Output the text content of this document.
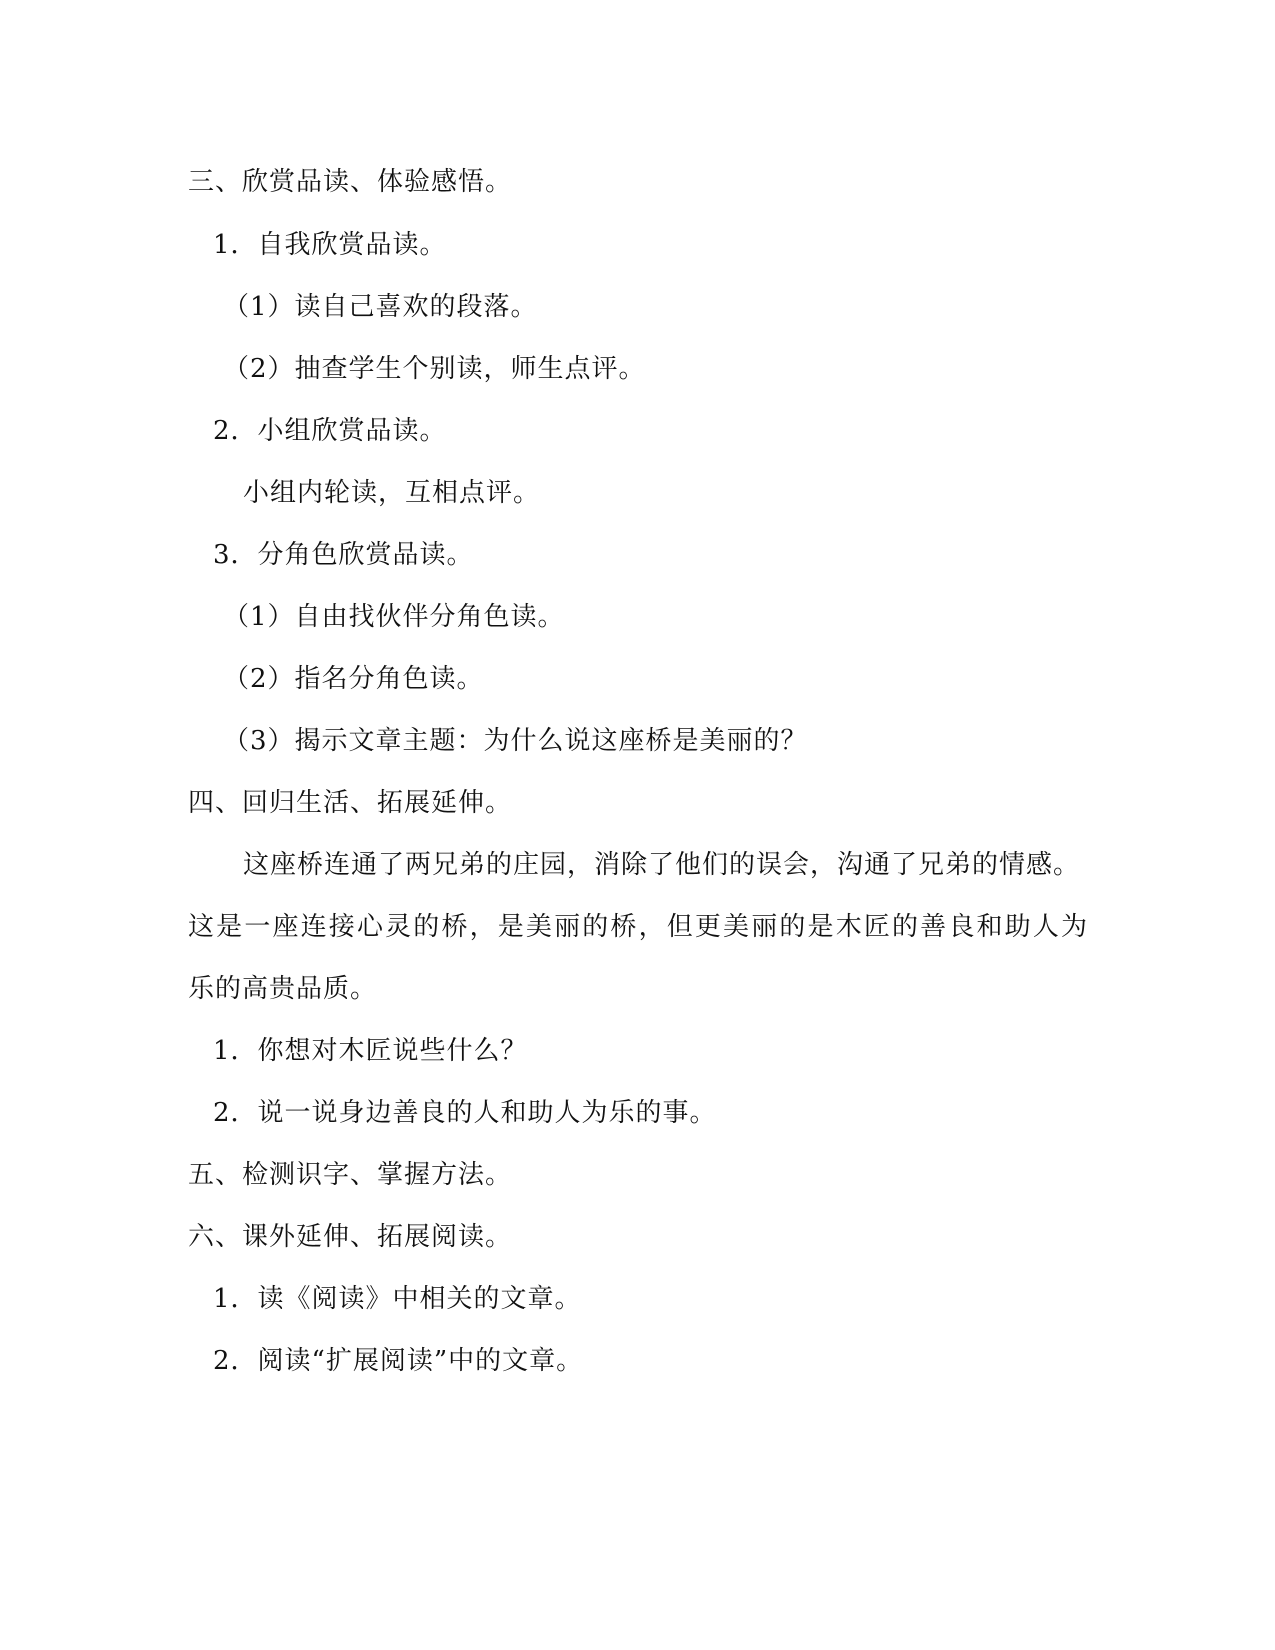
三、欣赏品读、体验感悟。
1．自我欣赏品读。
（1）读自己喜欢的段落。
（2）抽查学生个别读，师生点评。
2．小组欣赏品读。
小组内轮读，互相点评。
3．分角色欣赏品读。
（1）自由找伙伴分角色读。
（2）指名分角色读。
（3）揭示文章主题：为什么说这座桥是美丽的？
四、回归生活、拓展延伸。
这座桥连通了两兄弟的庄园，消除了他们的误会，沟通了兄弟的情感。
这是一座连接心灵的桥，是美丽的桥，但更美丽的是木匠的善良和助人为
乐的高贵品质。
1．你想对木匠说些什么？
2．说一说身边善良的人和助人为乐的事。
五、检测识字、掌握方法。
六、课外延伸、拓展阅读。
1．读《阅读》中相关的文章。
2．阅读“扩展阅读”中的文章。
